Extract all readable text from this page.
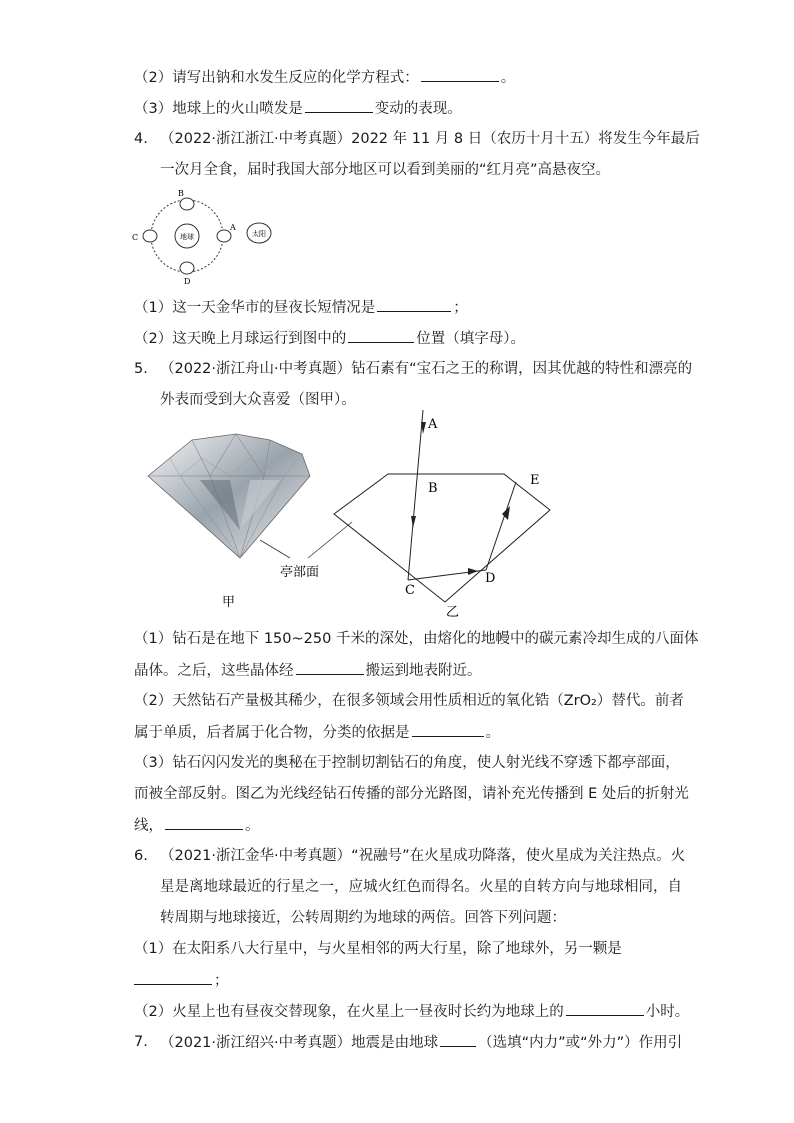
（2）请写出钠和水发生反应的化学方程式：	。
（3）地球上的火山喷发是	变动的表现。
4. （2022·浙江浙江·中考真题）2022 年 11 月 8 日（农历十月十五）将发生今年最后
一次月全食，届时我国大部分地区可以看到美丽的“红月亮”高悬夜空。
地球
B
A
C
D
太阳
（1）这一天金华市的昼夜长短情况是	；
（2）这天晚上月球运行到图中的	位置（填字母）。
5. （2022·浙江舟山·中考真题）钻石素有“宝石之王的称谓，因其优越的特性和漂亮的
外表而受到大众喜爱（图甲）。
A
B
C
D
E
亭部面
甲
乙
（1）钻石是在地下 150~250 千米的深处，由熔化的地幔中的碳元素冷却生成的八面体
晶体。之后，这些晶体经	搬运到地表附近。
（2）天然钻石产量极其稀少，在很多领域会用性质相近的氧化锆（ZrO₂）替代。前者
属于单质，后者属于化合物，分类的依据是	。
（3）钻石闪闪发光的奥秘在于控制切割钻石的角度，使人射光线不穿透下都亭部面，
而被全部反射。图乙为光线经钻石传播的部分光路图，请补充光传播到 E 处后的折射光
线，	。
6. （2021·浙江金华·中考真题）“祝融号”在火星成功降落，使火星成为关注热点。火
星是离地球最近的行星之一，应城火红色而得名。火星的自转方向与地球相同，自
转周期与地球接近，公转周期约为地球的两倍。回答下列问题：
（1）在太阳系八大行星中，与火星相邻的两大行星，除了地球外，另一颗是
；
（2）火星上也有昼夜交替现象，在火星上一昼夜时长约为地球上的	小时。
7. （2021·浙江绍兴·中考真题）地震是由地球	（选填“内力”或“外力”）作用引
